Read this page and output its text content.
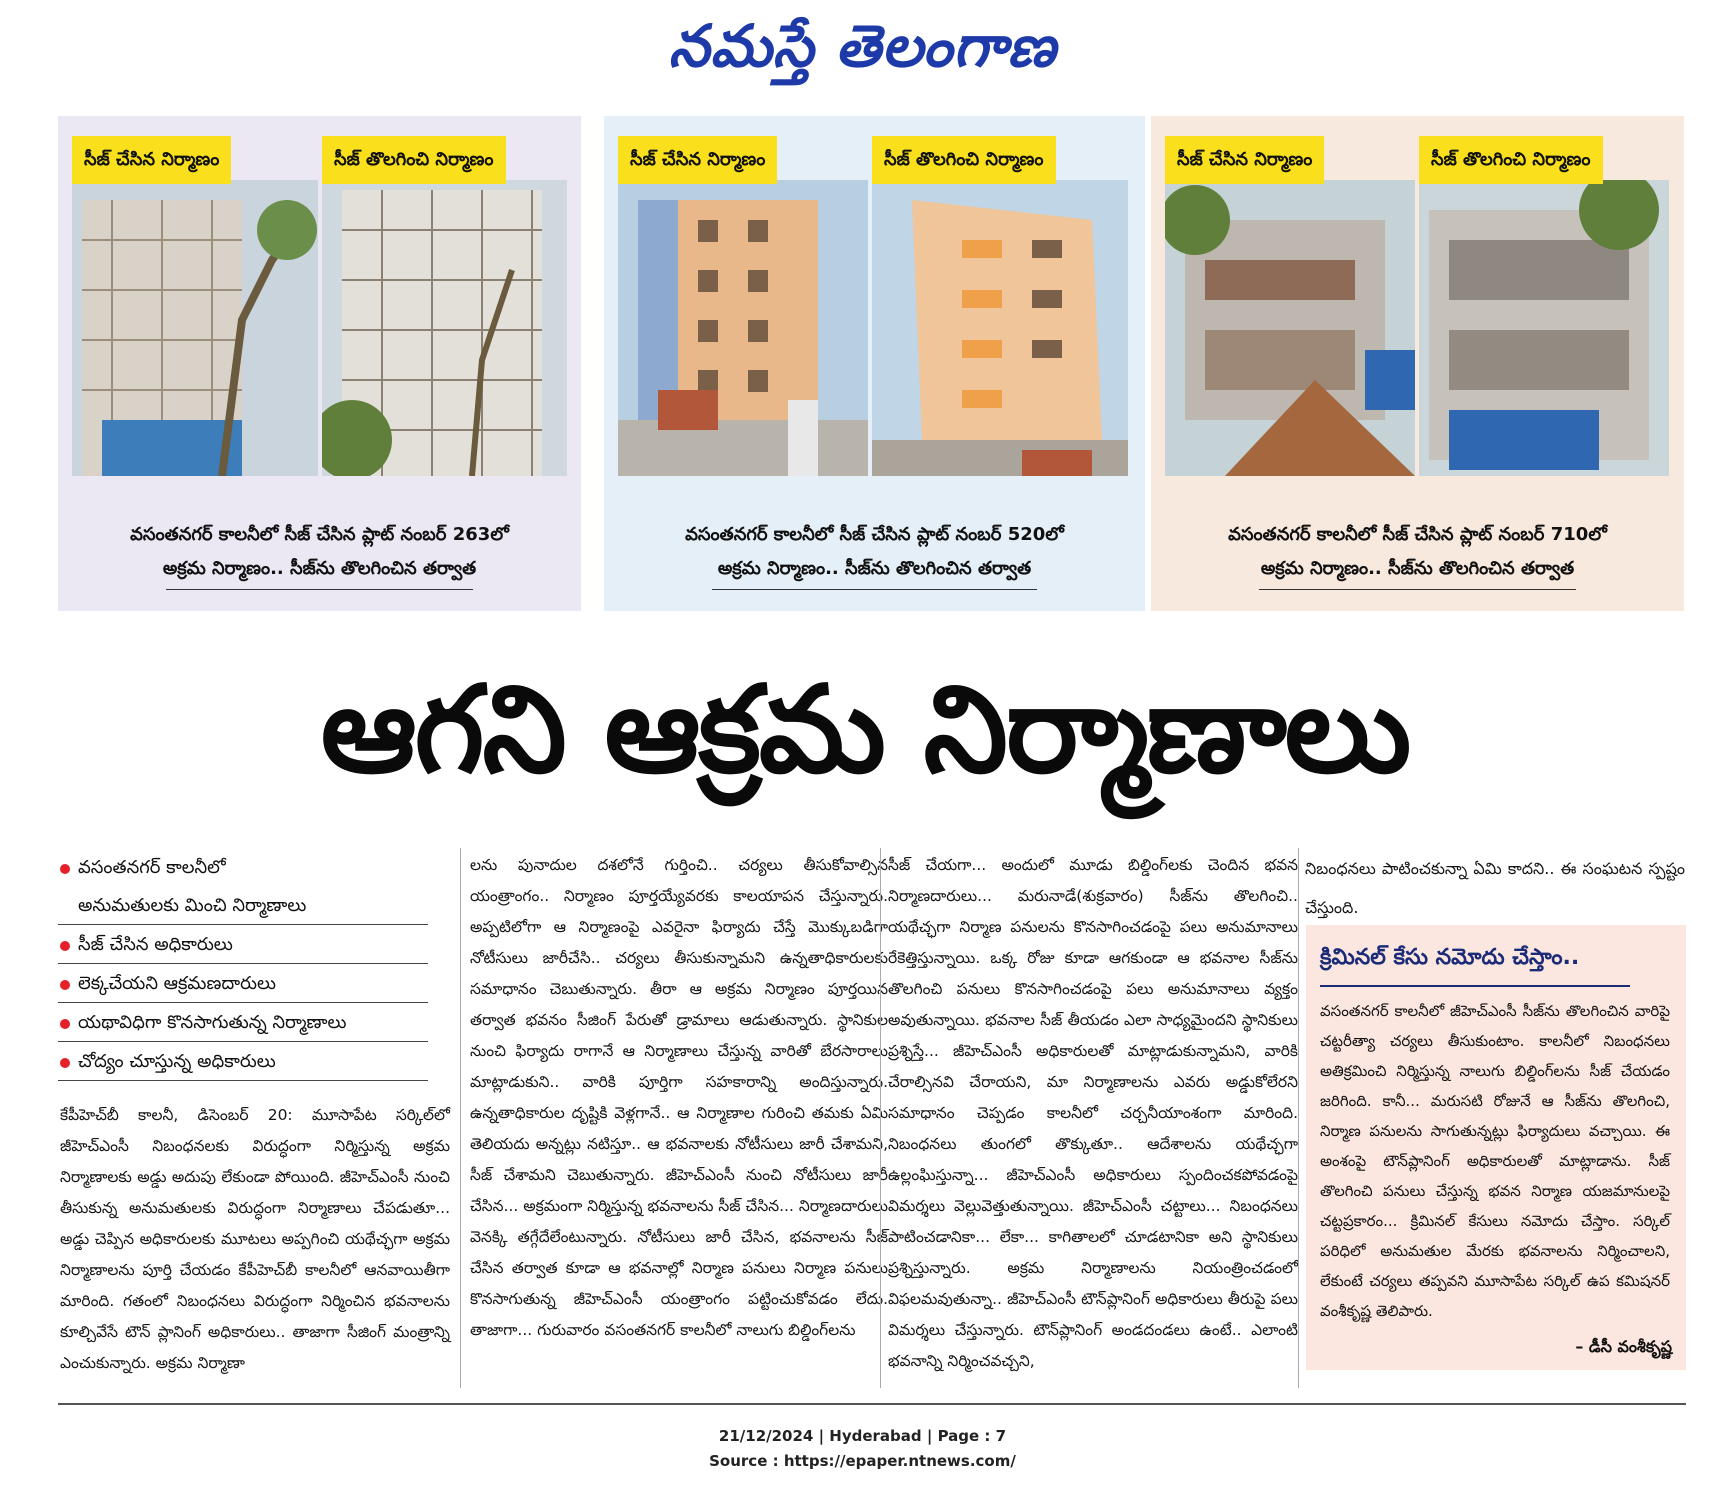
నమస్తే తెలంగాణ
సీజ్ చేసిన నిర్మాణం	సీజ్ తొలగించి నిర్మాణం
వసంతనగర్ కాలనీలో సీజ్ చేసిన ప్లాట్ నంబర్ 263లో
అక్రమ నిర్మాణం.. సీజ్‌ను తొలగించిన తర్వాత
సీజ్ చేసిన నిర్మాణం	సీజ్ తొలగించి నిర్మాణం
వసంతనగర్ కాలనీలో సీజ్ చేసిన ప్లాట్ నంబర్ 520లో
అక్రమ నిర్మాణం.. సీజ్‌ను తొలగించిన తర్వాత
సీజ్ చేసిన నిర్మాణం	సీజ్ తొలగించి నిర్మాణం
వసంతనగర్ కాలనీలో సీజ్ చేసిన ప్లాట్ నంబర్ 710లో
అక్రమ నిర్మాణం.. సీజ్‌ను తొలగించిన తర్వాత
ఆగని ఆక్రమ నిర్మాణాలు
వసంతనగర్ కాలనీలో
అనుమతులకు మించి నిర్మాణాలు
సీజ్ చేసిన అధికారులు
లెక్కచేయని ఆక్రమణదారులు
యథావిధిగా కొనసాగుతున్న నిర్మాణాలు
చోద్యం చూస్తున్న అధికారులు

కేపీహెచ్‌బీ కాలనీ, డిసెంబర్ 20: మూసాపేట సర్కిల్‌లో జీహెచ్‌ఎంసీ నిబంధనలకు విరుద్ధంగా నిర్మిస్తున్న అక్రమ నిర్మాణాలకు అడ్డు అదుపు లేకుండా పోయింది. జీహెచ్‌ఎంసీ నుంచి తీసుకున్న అనుమతులకు విరుద్ధంగా నిర్మాణాలు చేపడుతూ... అడ్డు చెప్పిన అధికారులకు మూటలు అప్పగించి యథేచ్ఛగా అక్రమ నిర్మాణాలను పూర్తి చేయడం కేపీహెచ్‌బీ కాలనీలో ఆనవాయితీగా మారింది. గతంలో నిబంధనలు విరుద్ధంగా నిర్మించిన భవనాలను కూల్చివేసే టౌన్ ప్లానింగ్ అధికారులు.. తాజాగా సీజింగ్ మంత్రాన్ని ఎంచుకున్నారు. అక్రమ నిర్మాణా

లను పునాదుల దశలోనే గుర్తించి.. చర్యలు తీసుకోవాల్సిన యంత్రాంగం.. నిర్మాణం పూర్తయ్యేవరకు కాలయాపన చేస్తున్నారు. అప్పటిలోగా ఆ నిర్మాణంపై ఎవరైనా ఫిర్యాదు చేస్తే మొక్కుబడిగా నోటీసులు జారీచేసి.. చర్యలు తీసుకున్నామని ఉన్నతాధికారులకు సమాధానం చెబుతున్నారు. తీరా ఆ అక్రమ నిర్మాణం పూర్తయిన తర్వాత భవనం సీజింగ్ పేరుతో డ్రామాలు ఆడుతున్నారు. స్థానికుల నుంచి ఫిర్యాదు రాగానే ఆ నిర్మాణాలు చేస్తున్న వారితో బేరసారాలు మాట్లాడుకుని.. వారికి పూర్తిగా సహకారాన్ని అందిస్తున్నారు. ఉన్నతాధికారుల దృష్టికి వెళ్లగానే.. ఆ నిర్మాణాల గురించి తమకు ఏమి తెలియదు అన్నట్లు నటిస్తూ.. ఆ భవనాలకు నోటీసులు జారీ చేశామని, సీజ్ చేశామని చెబుతున్నారు. జీహెచ్‌ఎంసీ నుంచి నోటీసులు జారీ చేసిన... అక్రమంగా నిర్మిస్తున్న భవనాలను సీజ్ చేసిన... నిర్మాణదారులు వెనక్కి తగ్గేదేలేంటున్నారు. నోటీసులు జారీ చేసిన, భవనాలను సీజ్ చేసిన తర్వాత కూడా ఆ భవనాల్లో నిర్మాణ పనులు నిర్మాణ పనులు కొనసాగుతున్న జీహెచ్‌ఎంసీ యంత్రాంగం పట్టించుకోవడం లేదు. తాజాగా... గురువారం వసంతనగర్ కాలనీలో నాలుగు బిల్డింగ్‌లను

సీజ్ చేయగా... అందులో మూడు బిల్డింగ్‌లకు చెందిన భవన నిర్మాణదారులు... మరునాడే(శుక్రవారం) సీజ్‌ను తొలగించి.. యథేచ్ఛగా నిర్మాణ పనులను కొనసాగించడంపై పలు అనుమానాలు రేకెత్తిస్తున్నాయి. ఒక్క రోజు కూడా ఆగకుండా ఆ భవనాల సీజ్‌ను తొలగించి పనులు కొనసాగించడంపై పలు అనుమానాలు వ్యక్తం అవుతున్నాయి. భవనాల సీజ్ తీయడం ఎలా సాధ్యమైందని స్థానికులు ప్రశ్నిస్తే... జీహెచ్‌ఎంసీ అధికారులతో మాట్లాడుకున్నామని, వారికి చేరాల్సినవి చేరాయని, మా నిర్మాణాలను ఎవరు అడ్డుకోలేరని సమాధానం చెప్పడం కాలనీలో చర్చనీయాంశంగా మారింది. నిబంధనలు తుంగలో తొక్కుతూ.. ఆదేశాలను యథేచ్ఛగా ఉల్లంఘిస్తున్నా... జీహెచ్‌ఎంసీ అధికారులు స్పందించకపోవడంపై విమర్శలు వెల్లువెత్తుతున్నాయి. జీహెచ్‌ఎంసీ చట్టాలు... నిబంధనలు పాటించడానికా... లేకా... కాగితాలలో చూడటానికా అని స్థానికులు ప్రశ్నిస్తున్నారు. అక్రమ నిర్మాణాలను నియంత్రించడంలో విఫలమవుతున్నా.. జీహెచ్‌ఎంసీ టౌన్‌ప్లానింగ్ అధికారులు తీరుపై పలు విమర్శలు చేస్తున్నారు. టౌన్‌ప్లానింగ్ అండదండలు ఉంటే.. ఎలాంటి భవనాన్ని నిర్మించవచ్చని,

నిబంధనలు పాటించకున్నా ఏమి కాదని.. ఈ సంఘటన స్పష్టం చేస్తుంది.

క్రిమినల్ కేసు నమోదు చేస్తాం..
వసంతనగర్ కాలనీలో జీహెచ్‌ఎంసీ సీజ్‌ను తొలగించిన వారిపై చట్టరీత్యా చర్యలు తీసుకుంటాం. కాలనీలో నిబంధనలు అతిక్రమించి నిర్మిస్తున్న నాలుగు బిల్డింగ్‌లను సీజ్ చేయడం జరిగింది. కానీ... మరుసటి రోజునే ఆ సీజ్‌ను తొలగించి, నిర్మాణ పనులను సాగుతున్నట్లు ఫిర్యాదులు వచ్చాయి. ఈ అంశంపై టౌన్‌ప్లానింగ్ అధికారులతో మాట్లాడాను. సీజ్ తొలగించి పనులు చేస్తున్న భవన నిర్మాణ యజమానులపై చట్టప్రకారం... క్రిమినల్ కేసులు నమోదు చేస్తాం. సర్కిల్ పరిధిలో అనుమతుల మేరకు భవనాలను నిర్మించాలని, లేకుంటే చర్యలు తప్పవని మూసాపేట సర్కిల్ ఉప కమిషనర్ వంశీకృష్ణ తెలిపారు.
– డీసీ వంశీకృష్ణ
21/12/2024 | Hyderabad | Page : 7
Source : https://epaper.ntnews.com/
